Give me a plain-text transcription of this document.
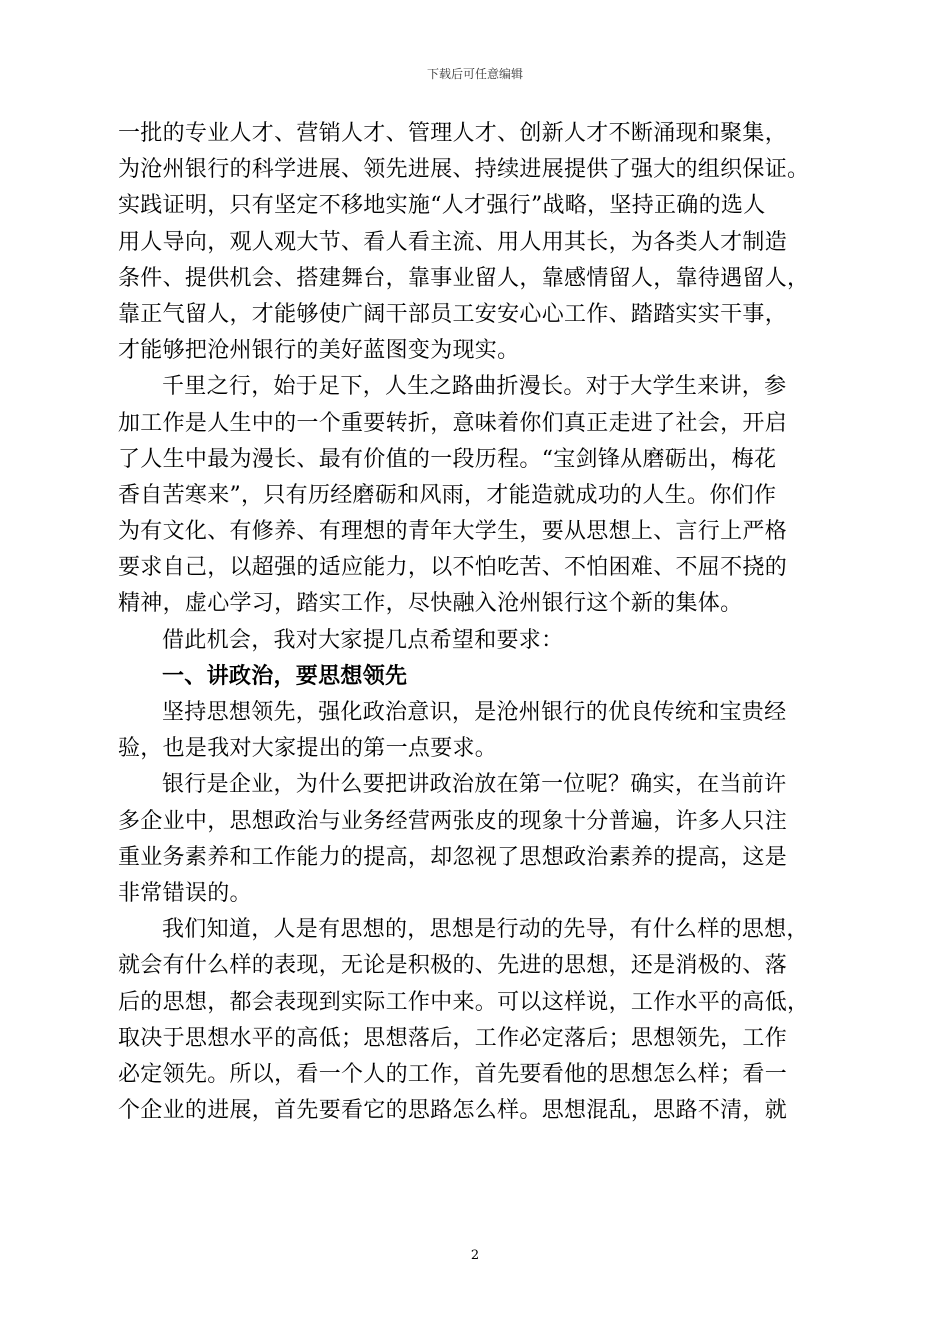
下载后可任意编辑
一批的专业人才、营销人才、管理人才、创新人才不断涌现和聚集，
为沧州银行的科学进展、领先进展、持续进展提供了强大的组织保证。
实践证明，只有坚定不移地实施“人才强行”战略，坚持正确的选人
用人导向，观人观大节、看人看主流、用人用其长，为各类人才制造
条件、提供机会、搭建舞台，靠事业留人，靠感情留人，靠待遇留人，
靠正气留人，才能够使广阔干部员工安安心心工作、踏踏实实干事，
才能够把沧州银行的美好蓝图变为现实。
千里之行，始于足下，人生之路曲折漫长。对于大学生来讲，参
加工作是人生中的一个重要转折，意味着你们真正走进了社会，开启
了人生中最为漫长、最有价值的一段历程。“宝剑锋从磨砺出，梅花
香自苦寒来”，只有历经磨砺和风雨，才能造就成功的人生。你们作
为有文化、有修养、有理想的青年大学生，要从思想上、言行上严格
要求自己，以超强的适应能力，以不怕吃苦、不怕困难、不屈不挠的
精神，虚心学习，踏实工作，尽快融入沧州银行这个新的集体。
借此机会，我对大家提几点希望和要求：
一、讲政治，要思想领先
坚持思想领先，强化政治意识，是沧州银行的优良传统和宝贵经
验，也是我对大家提出的第一点要求。
银行是企业，为什么要把讲政治放在第一位呢？确实，在当前许
多企业中，思想政治与业务经营两张皮的现象十分普遍，许多人只注
重业务素养和工作能力的提高，却忽视了思想政治素养的提高，这是
非常错误的。
我们知道，人是有思想的，思想是行动的先导，有什么样的思想，
就会有什么样的表现，无论是积极的、先进的思想，还是消极的、落
后的思想，都会表现到实际工作中来。可以这样说，工作水平的高低，
取决于思想水平的高低；思想落后，工作必定落后；思想领先，工作
必定领先。所以，看一个人的工作，首先要看他的思想怎么样；看一
个企业的进展，首先要看它的思路怎么样。思想混乱，思路不清，就
2
